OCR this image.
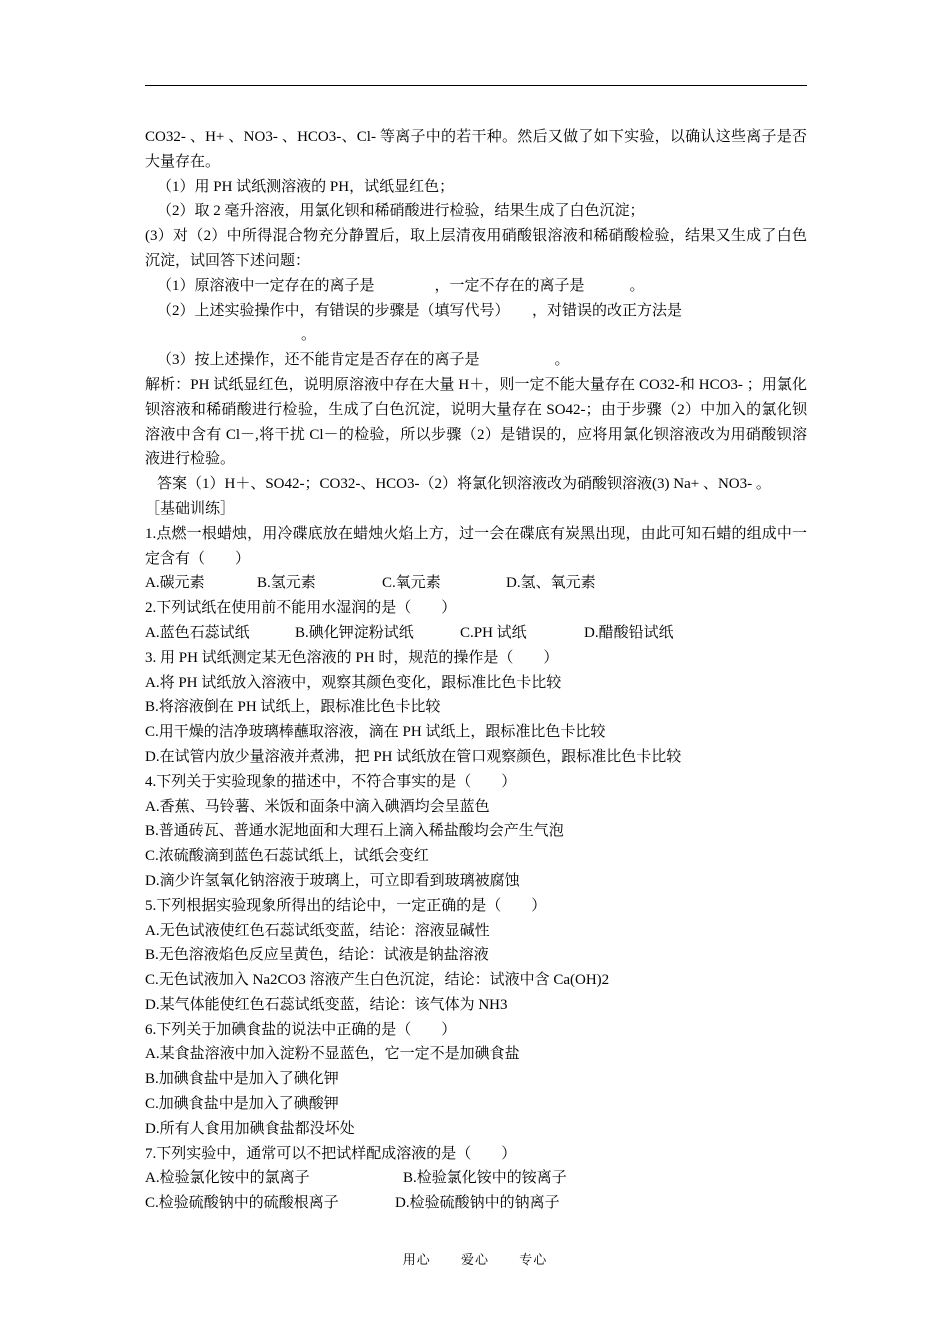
CO32- 、H+ 、NO3- 、HCO3-、Cl- 等离子中的若干种。然后又做了如下实验，以确认这些离子是否大量存在。

（1）用 PH 试纸测溶液的 PH，试纸显红色；

（2）取 2 毫升溶液，用氯化钡和稀硝酸进行检验，结果生成了白色沉淀；

(3）对（2）中所得混合物充分静置后，取上层清夜用硝酸银溶液和稀硝酸检验，结果又生成了白色沉淀，试回答下述问题：

（1）原溶液中一定存在的离子是　　　　，一定不存在的离子是　　　。

（2）上述实验操作中，有错误的步骤是（填写代号）　　，对错误的改正方法是

。

（3）按上述操作，还不能肯定是否存在的离子是　　　　　。

解析：PH 试纸显红色，说明原溶液中存在大量 H＋，则一定不能大量存在 CO32-和 HCO3- ；用氯化钡溶液和稀硝酸进行检验，生成了白色沉淀，说明大量存在 SO42-；由于步骤（2）中加入的氯化钡溶液中含有 Cl－,将干扰 Cl－的检验，所以步骤（2）是错误的，应将用氯化钡溶液改为用硝酸钡溶液进行检验。

答案（1）H＋、SO42-；CO32-、HCO3-（2）将氯化钡溶液改为硝酸钡溶液(3) Na+ 、NO3- 。

［基础训练］

1.点燃一根蜡烛，用冷碟底放在蜡烛火焰上方，过一会在碟底有炭黑出现，由此可知石蜡的组成中一定含有（　　）

A.碳元素	B.氢元素	C.氧元素	D.氢、氧元素

2.下列试纸在使用前不能用水湿润的是（　　）

A.蓝色石蕊试纸	B.碘化钾淀粉试纸	C.PH 试纸	D.醋酸铅试纸

3. 用 PH 试纸测定某无色溶液的 PH 时，规范的操作是（　　）

A.将 PH 试纸放入溶液中，观察其颜色变化，跟标准比色卡比较

B.将溶液倒在 PH 试纸上，跟标准比色卡比较

C.用干燥的洁净玻璃棒蘸取溶液，滴在 PH 试纸上，跟标准比色卡比较

D.在试管内放少量溶液并煮沸，把 PH 试纸放在管口观察颜色，跟标准比色卡比较

4.下列关于实验现象的描述中，不符合事实的是（　　）

A.香蕉、马铃薯、米饭和面条中滴入碘酒均会呈蓝色

B.普通砖瓦、普通水泥地面和大理石上滴入稀盐酸均会产生气泡

C.浓硫酸滴到蓝色石蕊试纸上，试纸会变红

D.滴少许氢氧化钠溶液于玻璃上，可立即看到玻璃被腐蚀

5.下列根据实验现象所得出的结论中，一定正确的是（　　）

A.无色试液使红色石蕊试纸变蓝，结论：溶液显碱性

B.无色溶液焰色反应呈黄色，结论：试液是钠盐溶液

C.无色试液加入 Na2CO3 溶液产生白色沉淀，结论：试液中含 Ca(OH)2

D.某气体能使红色石蕊试纸变蓝，结论：该气体为 NH3

6.下列关于加碘食盐的说法中正确的是（　　）

A.某食盐溶液中加入淀粉不显蓝色，它一定不是加碘食盐

B.加碘食盐中是加入了碘化钾

C.加碘食盐中是加入了碘酸钾

D.所有人食用加碘食盐都没坏处

7.下列实验中，通常可以不把试样配成溶液的是（　　）

A.检验氯化铵中的氯离子	B.检验氯化铵中的铵离子
C.检验硫酸钠中的硫酸根离子	D.检验硫酸钠中的钠离子
用心 爱心 专心
